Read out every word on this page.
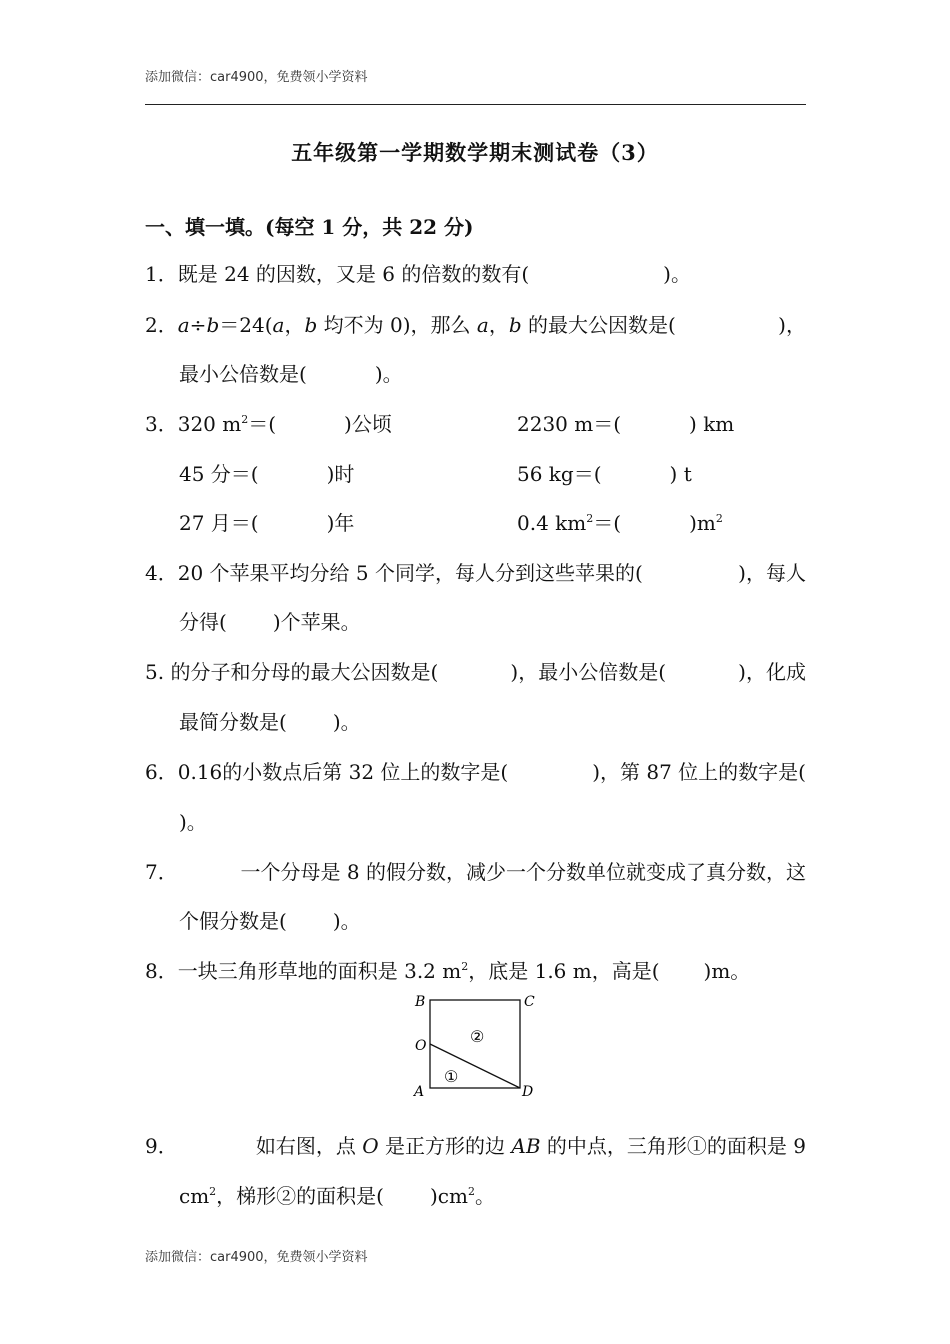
添加微信：car4900，免费领小学资料
五年级第一学期数学期末测试卷（3）
一、填一填。(每空 1 分，共 22 分)
1．既是 24 的因数，又是 6 的倍数的数有(	)。
2．a÷b＝24(a，b 均不为 0)，那么 a，b 的最大公因数是(	)，
最小公倍数是(	)。
3．320 $m^2=$(	)公顷	2230 m＝(	) km
45 分＝(	)时	56 kg＝(	) t
27 月＝(	)年	0.4 $km^2=$(	)$m^2$
4．20 个苹果平均分给 5 个同学，每人分到这些苹果的(	)，每人
分得( )个苹果。
5. 的分子和分母的最大公因数是(	)，最小公倍数是(	)，化成
最简分数是( )。
6．0.16的小数点后第 32 位上的数字是(	)，第 87 位上的数字是(
)。
7．	一个分母是 8 的假分数，减少一个分数单位就变成了真分数，这
个假分数是( )。
8．一块三角形草地的面积是 3.2 $m^2$，底是 1.6 m，高是( )m。
B	C
O
A	D
②
①
9．	如右图，点 O 是正方形的边 AB 的中点，三角形①的面积是 9
$cm^2$，梯形②的面积是( )$cm^2$。
添加微信：car4900，免费领小学资料
